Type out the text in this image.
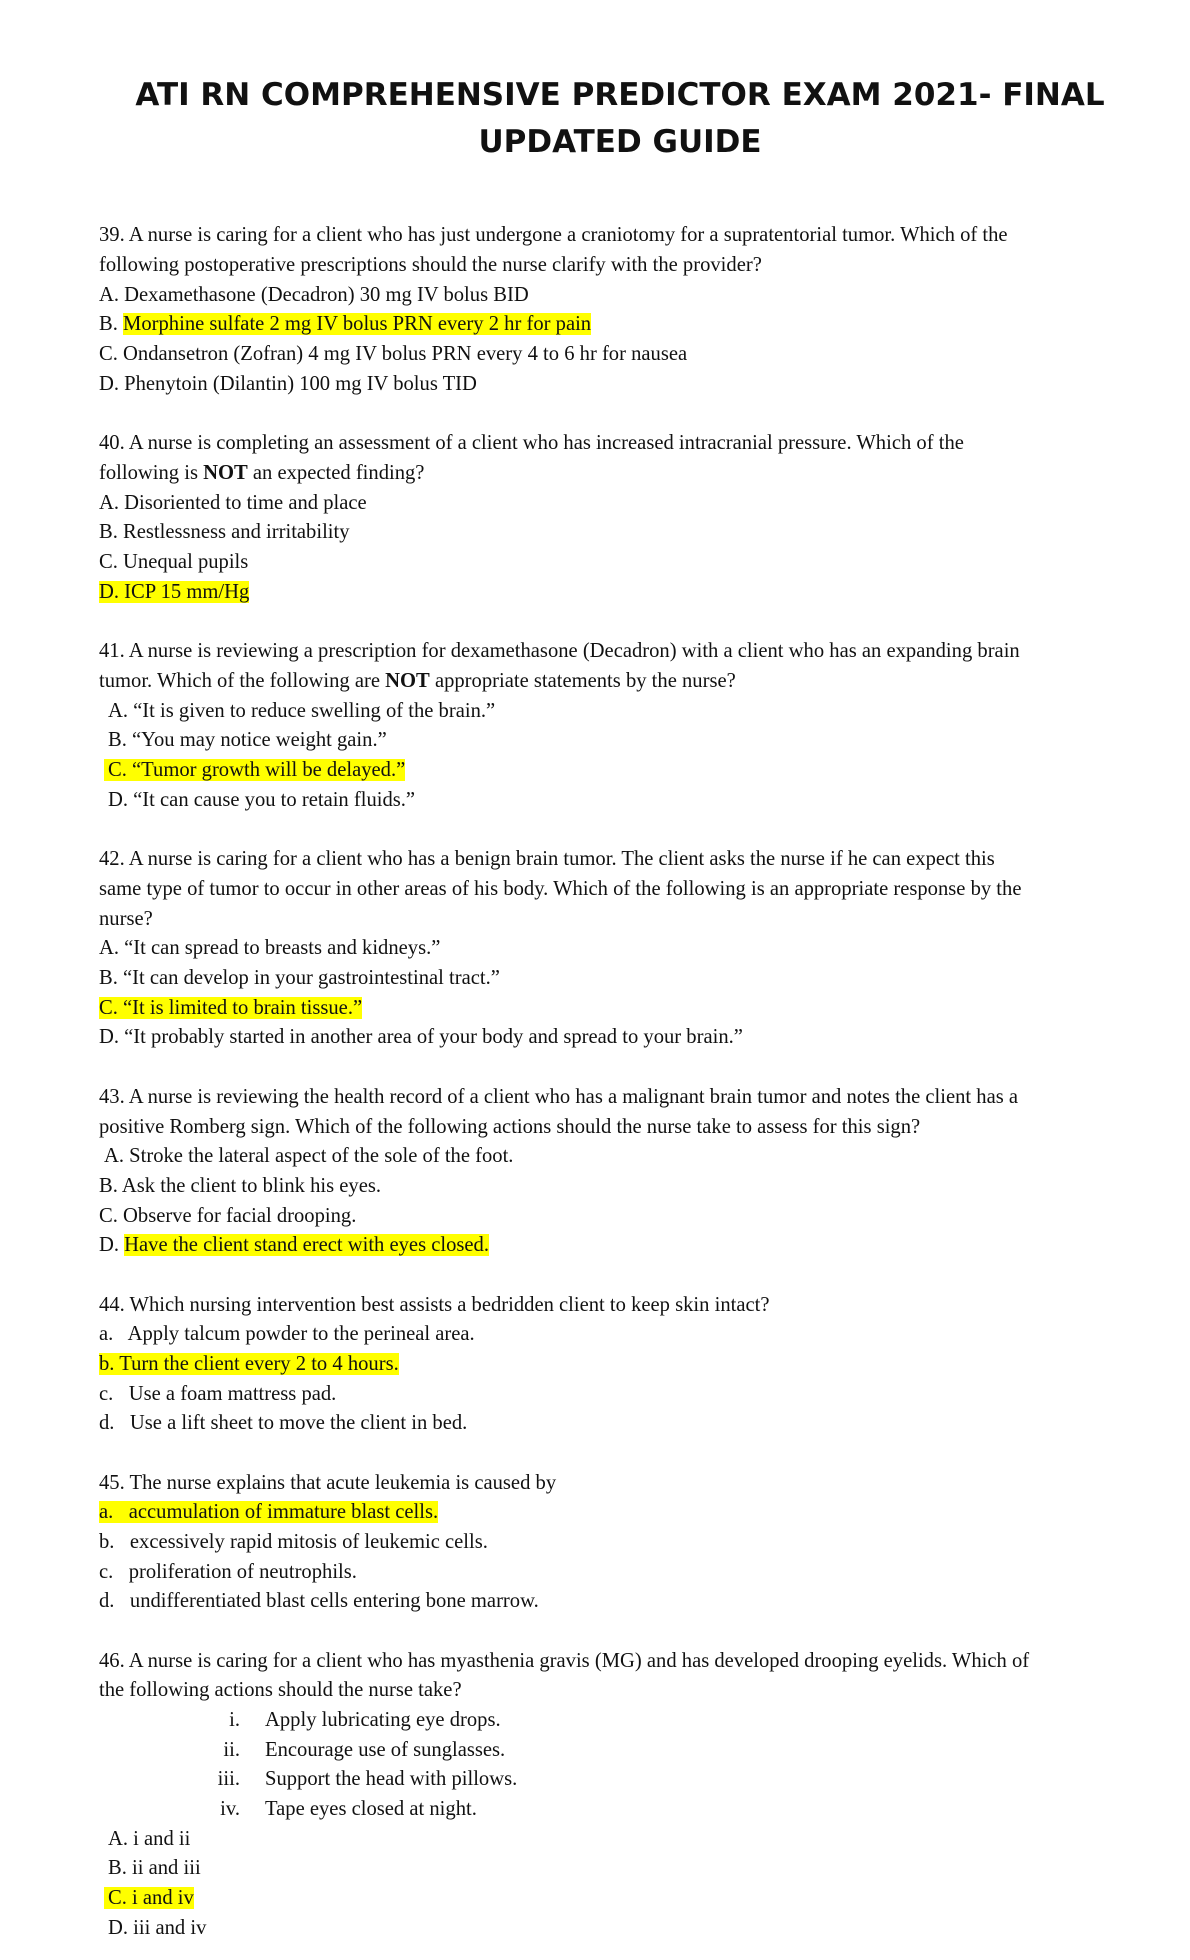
ATI RN COMPREHENSIVE PREDICTOR EXAM 2021- FINAL
UPDATED GUIDE
39. A nurse is caring for a client who has just undergone a craniotomy for a supratentorial tumor. Which of the
following postoperative prescriptions should the nurse clarify with the provider?
A. Dexamethasone (Decadron) 30 mg IV bolus BID
B. Morphine sulfate 2 mg IV bolus PRN every 2 hr for pain
C. Ondansetron (Zofran) 4 mg IV bolus PRN every 4 to 6 hr for nausea
D. Phenytoin (Dilantin) 100 mg IV bolus TID
40. A nurse is completing an assessment of a client who has increased intracranial pressure. Which of the
following is NOT an expected finding?
A. Disoriented to time and place
B. Restlessness and irritability
C. Unequal pupils
D. ICP 15 mm/Hg
41. A nurse is reviewing a prescription for dexamethasone (Decadron) with a client who has an expanding brain
tumor. Which of the following are NOT appropriate statements by the nurse?
A. “It is given to reduce swelling of the brain.”
B. “You may notice weight gain.”
C. “Tumor growth will be delayed.”
D. “It can cause you to retain fluids.”
42. A nurse is caring for a client who has a benign brain tumor. The client asks the nurse if he can expect this
same type of tumor to occur in other areas of his body. Which of the following is an appropriate response by the
nurse?
A. “It can spread to breasts and kidneys.”
B. “It can develop in your gastrointestinal tract.”
C. “It is limited to brain tissue.”
D. “It probably started in another area of your body and spread to your brain.”
43. A nurse is reviewing the health record of a client who has a malignant brain tumor and notes the client has a
positive Romberg sign. Which of the following actions should the nurse take to assess for this sign?
A. Stroke the lateral aspect of the sole of the foot.
B. Ask the client to blink his eyes.
C. Observe for facial drooping.
D. Have the client stand erect with eyes closed.
44. Which nursing intervention best assists a bedridden client to keep skin intact?
a.   Apply talcum powder to the perineal area.
b. Turn the client every 2 to 4 hours.
c.   Use a foam mattress pad.
d.   Use a lift sheet to move the client in bed.
45. The nurse explains that acute leukemia is caused by
a.   accumulation of immature blast cells.
b.   excessively rapid mitosis of leukemic cells.
c.   proliferation of neutrophils.
d.   undifferentiated blast cells entering bone marrow.
46. A nurse is caring for a client who has myasthenia gravis (MG) and has developed drooping eyelids. Which of
the following actions should the nurse take?
i. Apply lubricating eye drops.
ii. Encourage use of sunglasses.
iii. Support the head with pillows.
iv. Tape eyes closed at night.
A. i and ii
B. ii and iii
C. i and iv
D. iii and iv
